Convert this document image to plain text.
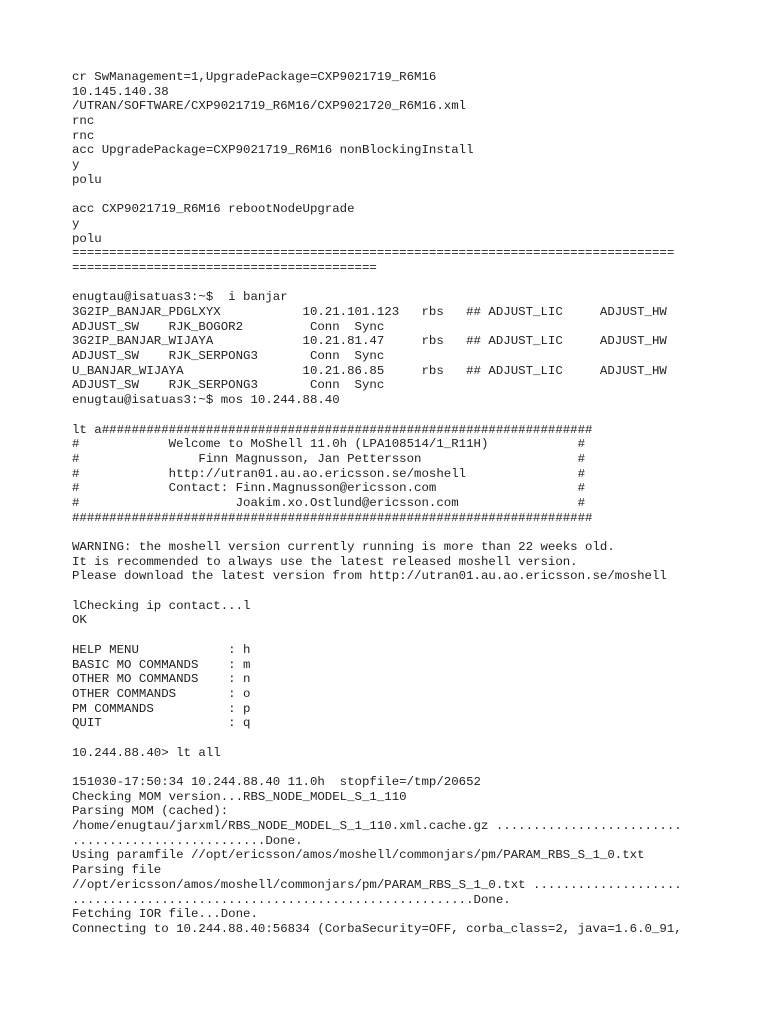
cr SwManagement=1,UpgradePackage=CXP9021719_R6M16
10.145.140.38
/UTRAN/SOFTWARE/CXP9021719_R6M16/CXP9021720_R6M16.xml
rnc
rnc
acc UpgradePackage=CXP9021719_R6M16 nonBlockingInstall
y
polu
acc CXP9021719_R6M16 rebootNodeUpgrade
y
polu
=================================================================================
=========================================
enugtau@isatuas3:~$  i banjar
3G2IP_BANJAR_PDGLXYX           10.21.101.123   rbs   ## ADJUST_LIC     ADJUST_HW
ADJUST_SW    RJK_BOGOR2         Conn  Sync
3G2IP_BANJAR_WIJAYA            10.21.81.47     rbs   ## ADJUST_LIC     ADJUST_HW
ADJUST_SW    RJK_SERPONG3       Conn  Sync
U_BANJAR_WIJAYA                10.21.86.85     rbs   ## ADJUST_LIC     ADJUST_HW
ADJUST_SW    RJK_SERPONG3       Conn  Sync
enugtau@isatuas3:~$ mos 10.244.88.40
lt a##################################################################
#            Welcome to MoShell 11.0h (LPA108514/1_R11H)            #
#                Finn Magnusson, Jan Pettersson                     #
#            http://utran01.au.ao.ericsson.se/moshell               #
#            Contact: Finn.Magnusson@ericsson.com                   #
#                     Joakim.xo.Ostlund@ericsson.com                #
######################################################################
WARNING: the moshell version currently running is more than 22 weeks old.
It is recommended to always use the latest released moshell version.
Please download the latest version from http://utran01.au.ao.ericsson.se/moshell
lChecking ip contact...l
OK
HELP MENU            : h
BASIC MO COMMANDS    : m
OTHER MO COMMANDS    : n
OTHER COMMANDS       : o
PM COMMANDS          : p
QUIT                 : q
10.244.88.40> lt all
151030-17:50:34 10.244.88.40 11.0h  stopfile=/tmp/20652
Checking MOM version...RBS_NODE_MODEL_S_1_110
Parsing MOM (cached):
/home/enugtau/jarxml/RBS_NODE_MODEL_S_1_110.xml.cache.gz .........................
..........................Done.
Using paramfile //opt/ericsson/amos/moshell/commonjars/pm/PARAM_RBS_S_1_0.txt
Parsing file
//opt/ericsson/amos/moshell/commonjars/pm/PARAM_RBS_S_1_0.txt ....................
......................................................Done.
Fetching IOR file...Done.
Connecting to 10.244.88.40:56834 (CorbaSecurity=OFF, corba_class=2, java=1.6.0_91,
